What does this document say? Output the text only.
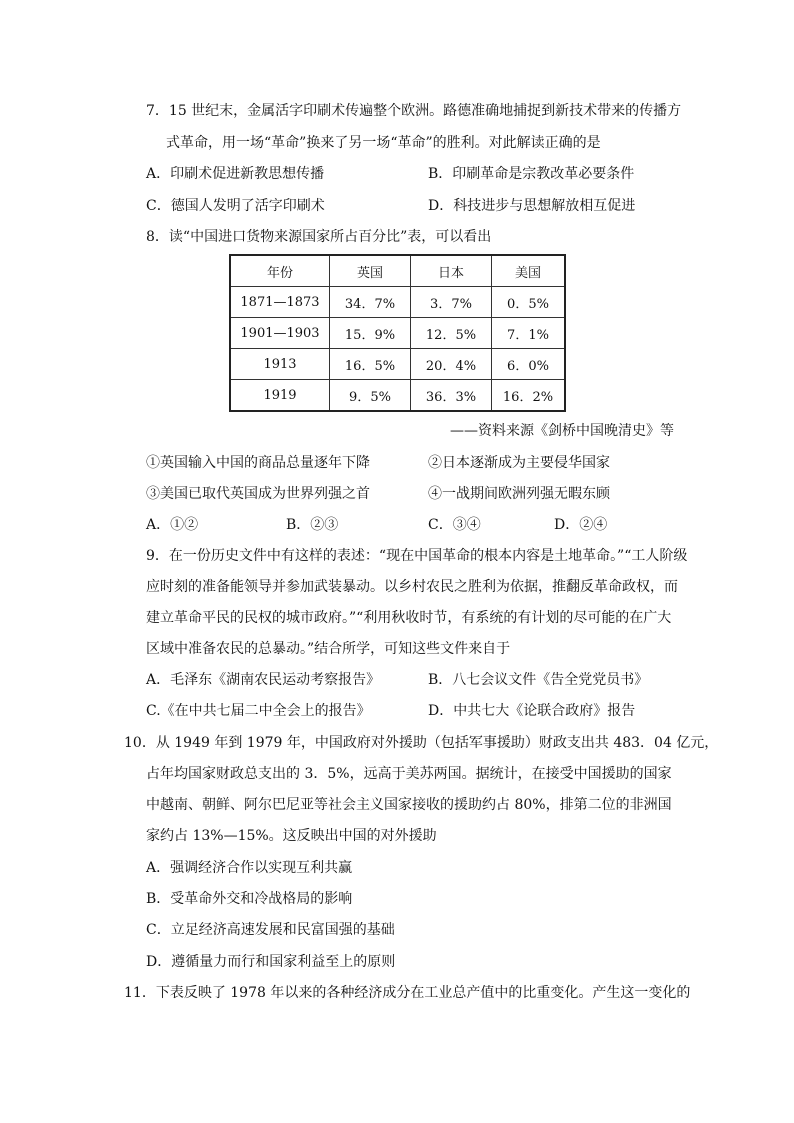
7．15 世纪末，金属活字印刷术传遍整个欧洲。路德准确地捕捉到新技术带来的传播方
式革命，用一场“革命”换来了另一场“革命”的胜利。对此解读正确的是
A．印刷术促进新教思想传播	B．印刷革命是宗教改革必要条件
C．德国人发明了活字印刷术	D．科技进步与思想解放相互促进
8．读“中国进口货物来源国家所占百分比”表，可以看出
年份	英国	日本	美国
1871—1873	34．7%	3．7%	0．5%
1901—1903	15．9%	12．5%	7．1%
1913	16．5%	20．4%	6．0%
1919	9．5%	36．3%	16．2%
——资料来源《剑桥中国晚清史》等
①英国输入中国的商品总量逐年下降	②日本逐渐成为主要侵华国家
③美国已取代英国成为世界列强之首	④一战期间欧洲列强无暇东顾
A．①②	B．②③	C．③④	D．②④
9．在一份历史文件中有这样的表述：“现在中国革命的根本内容是土地革命。”“工人阶级
应时刻的准备能领导并参加武装暴动。以乡村农民之胜利为依据，推翻反革命政权，而
建立革命平民的民权的城市政府。”“利用秋收时节，有系统的有计划的尽可能的在广大
区域中准备农民的总暴动。”结合所学，可知这些文件来自于
A．毛泽东《湖南农民运动考察报告》	B．八七会议文件《告全党党员书》
C.《在中共七届二中全会上的报告》	D．中共七大《论联合政府》报告
10．从 1949 年到 1979 年，中国政府对外援助（包括军事援助）财政支出共 483．04 亿元，
占年均国家财政总支出的 3．5%，远高于美苏两国。据统计，在接受中国援助的国家
中越南、朝鲜、阿尔巴尼亚等社会主义国家接收的援助约占 80%，排第二位的非洲国
家约占 13%—15%。这反映出中国的对外援助
A．强调经济合作以实现互利共赢
B．受革命外交和冷战格局的影响
C．立足经济高速发展和民富国强的基础
D．遵循量力而行和国家利益至上的原则
11．下表反映了 1978 年以来的各种经济成分在工业总产值中的比重变化。产生这一变化的
